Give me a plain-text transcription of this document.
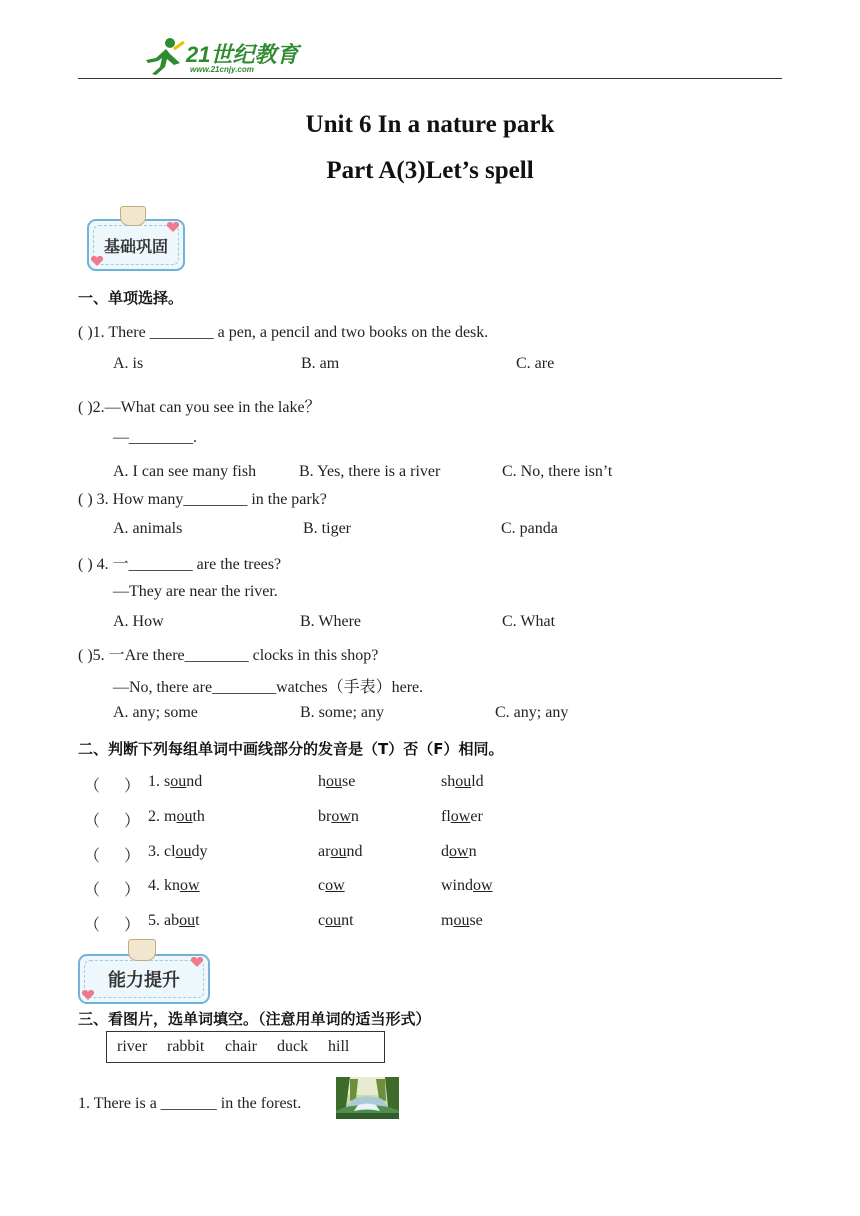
21世纪教育
www.21cnjy.com
Unit 6 In a nature park
Part A(3)Let’s spell
基础巩固
一、单项选择。
( )1. There ________ a pen, a pencil and two books on the desk.
A. is	B. am	C. are
( )2.—What can you see in the lake？
—________.
A. I can see many fish	B. Yes, there is a river	C. No, there isn’t
( ) 3. How many________ in the park?
A. animals	B. tiger	C. panda
( ) 4. 一________ are the trees?
—They are near the river.
A. How	B. Where	C. What
( )5. 一Are there________ clocks in this shop?
—No, there are________watches（手表）here.
A. any; some	B. some; any	C. any; any
二、判断下列每组单词中画线部分的发音是（T）否（F）相同。
（ ） 1. sound	house	should
（ ） 2. mouth	brown	flower
（ ） 3. cloudy	around	down
（ ） 4. know	cow	window
（ ） 5. about	count	mouse
能力提升
三、看图片，选单词填空。（注意用单词的适当形式）
river rabbit chair duck hill
1. There is a _______ in the forest.
